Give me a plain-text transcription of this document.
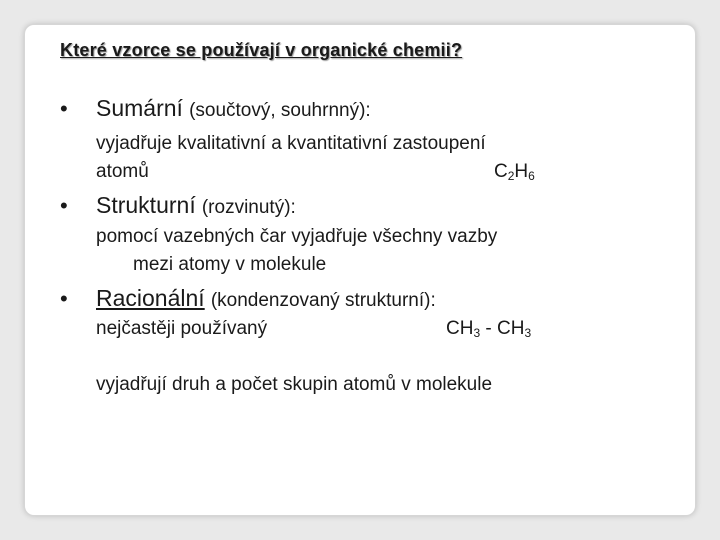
Které vzorce se používají v organické chemii?
• Sumární (součtový, souhrnný):
vyjadřuje kvalitativní a kvantitativní zastoupení
atomů	$C_2H_6$
• Strukturní (rozvinutý):
pomocí vazebných čar vyjadřuje všechny vazby
mezi atomy v molekule
• Racionální (kondenzovaný strukturní):
nejčastěji používaný	$CH_3 - CH_3$
vyjadřují druh a počet skupin atomů v molekule
